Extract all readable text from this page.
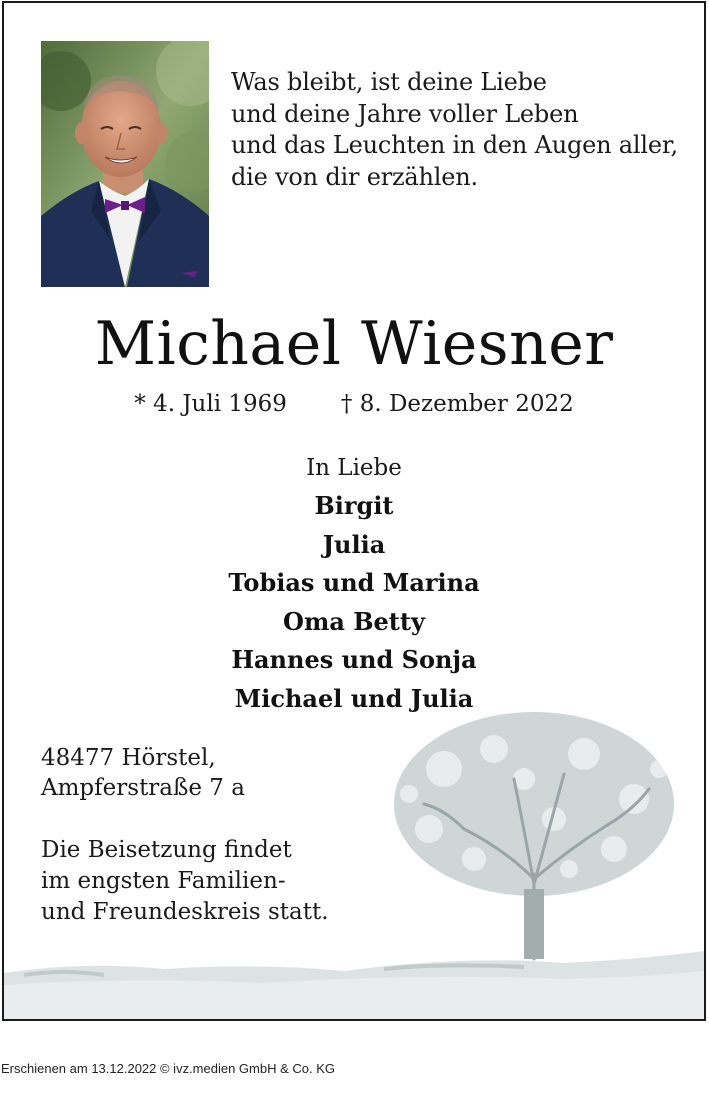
Was bleibt, ist deine Liebe
und deine Jahre voller Leben
und das Leuchten in den Augen aller,
die von dir erzählen.
Michael Wiesner
* 4. Juli 1969 † 8. Dezember 2022
In Liebe
Birgit
Julia
Tobias und Marina
Oma Betty
Hannes und Sonja
Michael und Julia
48477 Hörstel,
Ampferstraße 7 a
Die Beisetzung findet
im engsten Familien-
und Freundeskreis statt.
Erschienen am 13.12.2022 © ivz.medien GmbH & Co. KG
